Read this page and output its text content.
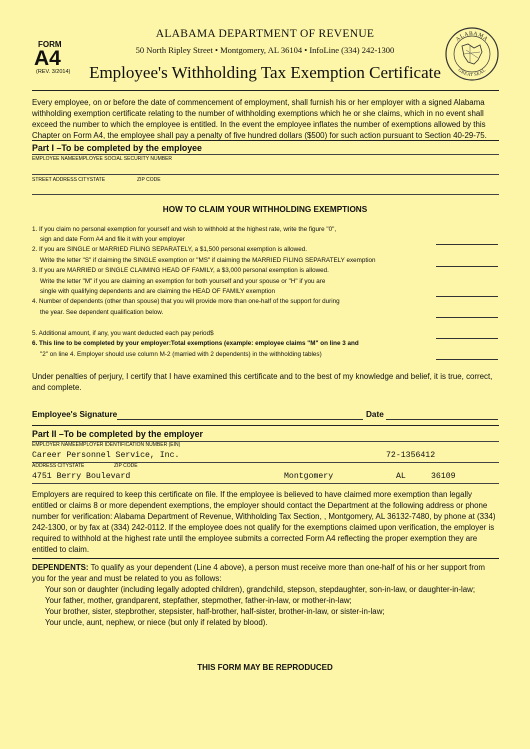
FORM
A4
(REV. 3/2014)
ALABAMA DEPARTMENT OF REVENUE
50 North Ripley Street • Montgomery, AL 36104 • InfoLine (334) 242-1300
Employee's Withholding Tax Exemption Certificate
ALABAMA
GREAT SEAL
Every employee, on or before the date of commencement of employment, shall furnish his or her employer with a signed Alabama withholding exemption certificate relating to the number of withholding exemptions which he or she claims, which in no event shall exceed the number to which the employee is entitled. In the event the employee inflates the number of exemptions allowed by this Chapter on Form A4, the employee shall pay a penalty of five hundred dollars ($500) for such action pursuant to Section 40-29-75.
Part I –To be completed by the employee
EMPLOYEE NAMEEMPLOYEE SOCIAL SECURITY NUMBER
STREET ADDRESS CITYSTATE	ZIP CODE
HOW TO CLAIM YOUR WITHHOLDING EXEMPTIONS
1. If you claim no personal exemption for yourself and wish to withhold at the highest rate, write the figure "0",
sign and date Form A4 and file it with your employer
2. If you are SINGLE or MARRIED FILING SEPARATELY, a $1,500 personal exemption is allowed.
Write the letter "S" if claiming the SINGLE exemption or "MS" if claiming the MARRIED FILING SEPARATELY exemption
3. If you are MARRIED or SINGLE CLAIMING HEAD OF FAMILY, a $3,000 personal exemption is allowed.
Write the letter "M" if you are claiming an exemption for both yourself and your spouse or "H" if you are
single with qualifying dependents and are claiming the HEAD OF FAMILY exemption
4. Number of dependents (other than spouse) that you will provide more than one-half of the support for during
the year. See dependent qualification below.
5. Additional amount, if any, you want deducted each pay period$
6. This line to be completed by your employer:Total exemptions (example: employee claims "M" on line 3 and
"2" on line 4. Employer should use column M-2 (married with 2 dependents) in the withholding tables)
Under penalties of perjury, I certify that I have examined this certificate and to the best of my knowledge and belief, it is true, correct, and complete.
Employee's Signature	Date
Part II –To be completed by the employer
EMPLOYER NAMEEMPLOYER IDENTIFICATION NUMBER (EIN)
Career Personnel Service, Inc.	72-1356412
ADDRESS CITYSTATE	ZIP CODE
4751 Berry Boulevard	Montgomery	AL	36109
Employers are required to keep this certificate on file. If the employee is believed to have claimed more exemption than legally entitled or claims 8 or more dependent exemptions, the employer should contact the Department at the following address or phone number for verification: Alabama Department of Revenue, Withholding Tax Section, , Montgomery, AL 36132-7480, by phone at (334) 242-1300, or by fax at (334) 242-0112. If the employee does not qualify for the exemptions claimed upon verification, the employer is required to withhold at the highest rate until the employee submits a corrected Form A4 reflecting the proper exemption they are entitled to claim.
DEPENDENTS: To qualify as your dependent (Line 4 above), a person must receive more than one-half of his or her support from you for the year and must be related to you as follows:
Your son or daughter (including legally adopted children), grandchild, stepson, stepdaughter, son-in-law, or daughter-in-law;
Your father, mother, grandparent, stepfather, stepmother, father-in-law, or mother-in-law;
Your brother, sister, stepbrother, stepsister, half-brother, half-sister, brother-in-law, or sister-in-law;
Your uncle, aunt, nephew, or niece (but only if related by blood).
THIS FORM MAY BE REPRODUCED
